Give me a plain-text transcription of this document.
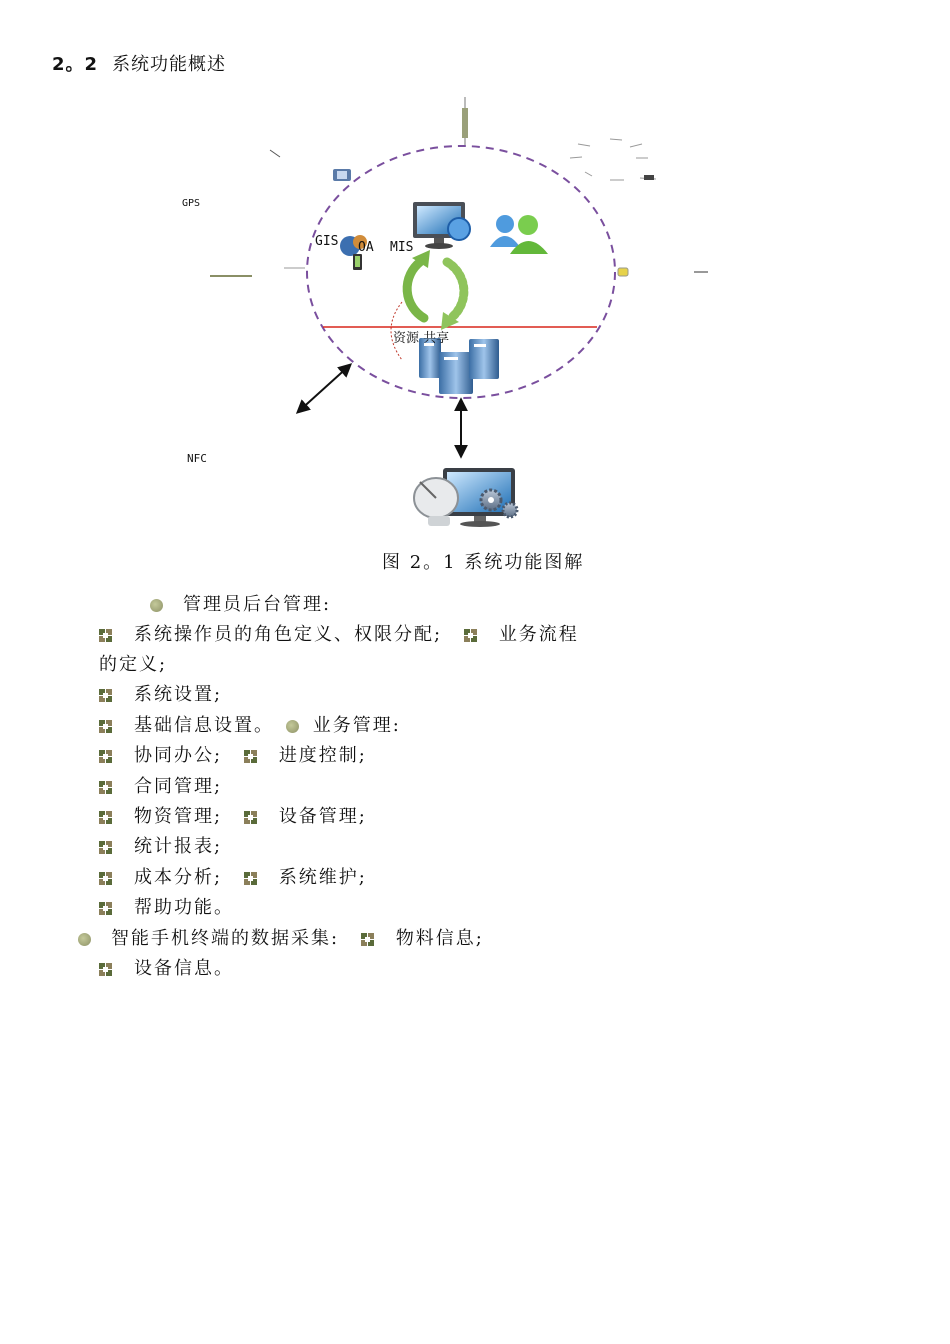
2。2 系统功能概述
GPS
GIS OA MIS
资源 共享
NFC
图 2。1 系统功能图解
管理员后台管理:
系统操作员的角色定义、权限分配;	业务流程
的定义;
系统设置;
基础信息设置。 业务管理:
协同办公;	进度控制;
合同管理;
物资管理;	设备管理;
统计报表;
成本分析;	系统维护;
帮助功能。
智能手机终端的数据采集:	物料信息;
设备信息。
